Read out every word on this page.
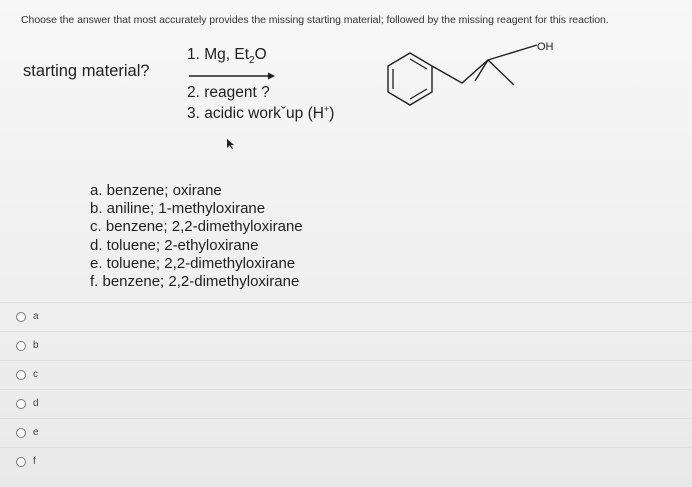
Choose the answer that most accurately provides the missing starting material; followed by the missing reagent for this reaction.
starting material?
1. Mg, $Et_2O$
2. reagent ?
3. acidic workˇup (H+)
OH
a. benzene; oxirane
b. aniline; 1-methyloxirane
c. benzene; 2,2-dimethyloxirane
d. toluene; 2-ethyloxirane
e. toluene; 2,2-dimethyloxirane
f. benzene; 2,2-dimethyloxirane
a
b
c
d
e
f
